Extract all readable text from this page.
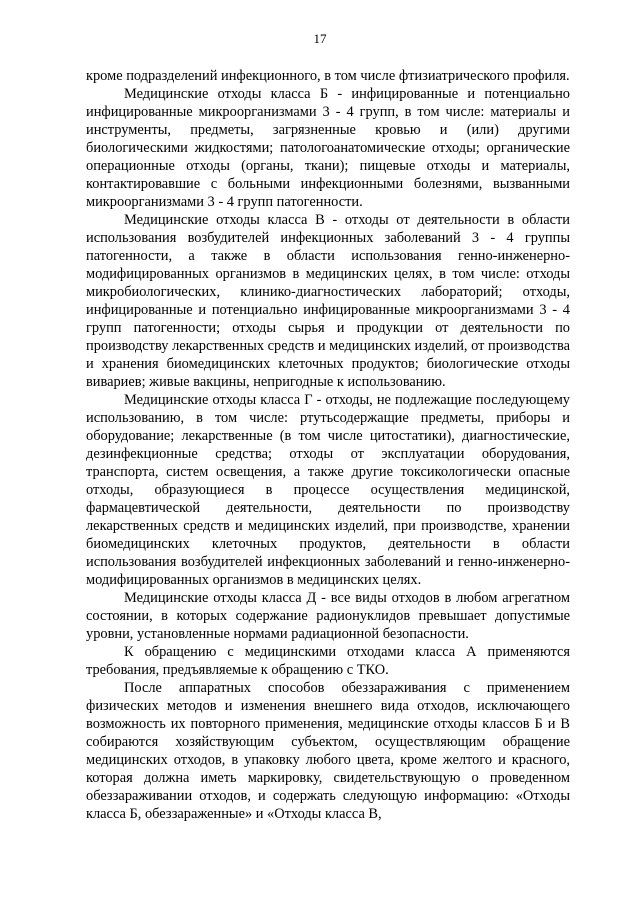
17

кроме подразделений инфекционного, в том числе фтизиатрического профиля.

Медицинские отходы класса Б - инфицированные и потенциально инфицированные микроорганизмами 3 - 4 групп, в том числе: материалы и инструменты, предметы, загрязненные кровью и (или) другими биологическими жидкостями; патологоанатомические отходы; органические операционные отходы (органы, ткани); пищевые отходы и материалы, контактировавшие с больными инфекционными болезнями, вызванными микроорганизмами 3 - 4 групп патогенности.

Медицинские отходы класса В - отходы от деятельности в области использования возбудителей инфекционных заболеваний 3 - 4 группы патогенности, а также в области использования генно-инженерно-модифицированных организмов в медицинских целях, в том числе: отходы микробиологических, клинико-диагностических лабораторий; отходы, инфицированные и потенциально инфицированные микроорганизмами 3 - 4 групп патогенности; отходы сырья и продукции от деятельности по производству лекарственных средств и медицинских изделий, от производства и хранения биомедицинских клеточных продуктов; биологические отходы вивариев; живые вакцины, непригодные к использованию.

Медицинские отходы класса Г - отходы, не подлежащие последующему использованию, в том числе: ртутьсодержащие предметы, приборы и оборудование; лекарственные (в том числе цитостатики), диагностические, дезинфекционные средства; отходы от эксплуатации оборудования, транспорта, систем освещения, а также другие токсикологически опасные отходы, образующиеся в процессе осуществления медицинской, фармацевтической деятельности, деятельности по производству лекарственных средств и медицинских изделий, при производстве, хранении биомедицинских клеточных продуктов, деятельности в области использования возбудителей инфекционных заболеваний и генно-инженерно-модифицированных организмов в медицинских целях.

Медицинские отходы класса Д - все виды отходов в любом агрегатном состоянии, в которых содержание радионуклидов превышает допустимые уровни, установленные нормами радиационной безопасности.

К обращению с медицинскими отходами класса А применяются требования, предъявляемые к обращению с ТКО.

После аппаратных способов обеззараживания с применением физических методов и изменения внешнего вида отходов, исключающего возможность их повторного применения, медицинские отходы классов Б и В собираются хозяйствующим субъектом, осуществляющим обращение медицинских отходов, в упаковку любого цвета, кроме желтого и красного, которая должна иметь маркировку, свидетельствующую о проведенном обеззараживании отходов, и содержать следующую информацию: «Отходы класса Б, обеззараженные» и «Отходы класса В,
